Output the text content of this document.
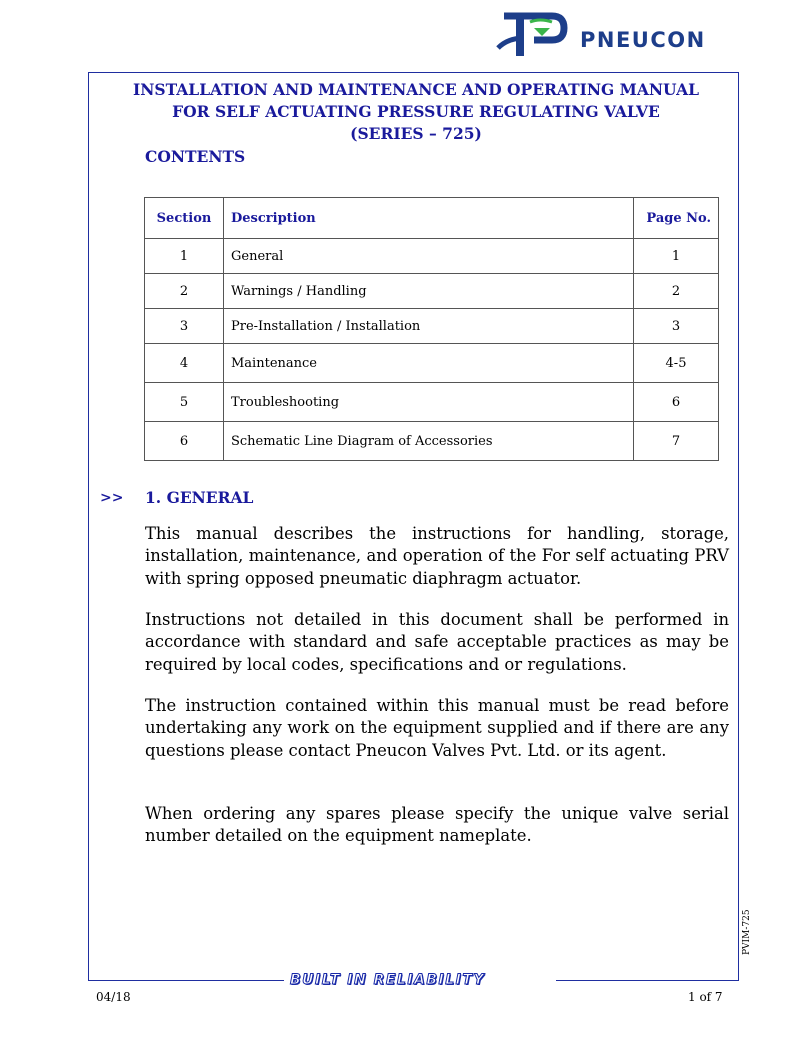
PNEUCON
INSTALLATION AND MAINTENANCE AND OPERATING MANUAL
FOR SELF ACTUATING PRESSURE REGULATING VALVE
(SERIES – 725)
CONTENTS
Section	Description	Page No.
1	General	1
2	Warnings / Handling	2
3	Pre-Installation / Installation	3
4	Maintenance	4-5
5	Troubleshooting	6
6	Schematic Line Diagram of Accessories	7
>> 1. GENERAL

This manual describes the instructions for handling, storage, installation, maintenance, and operation of the For self actuating PRV with spring opposed pneumatic diaphragm actuator.

Instructions not detailed in this document shall be performed in accordance with standard and safe acceptable practices as may be required by local codes, specifications and or regulations.

The instruction contained within this manual must be read before undertaking any work on the equipment supplied and if there are any questions please contact Pneucon Valves Pvt. Ltd. or its agent.

When ordering any spares please specify the unique valve serial number detailed on the equipment nameplate.

BUILT IN RELIABILITY
04/18	1 of 7
PVIM-725
